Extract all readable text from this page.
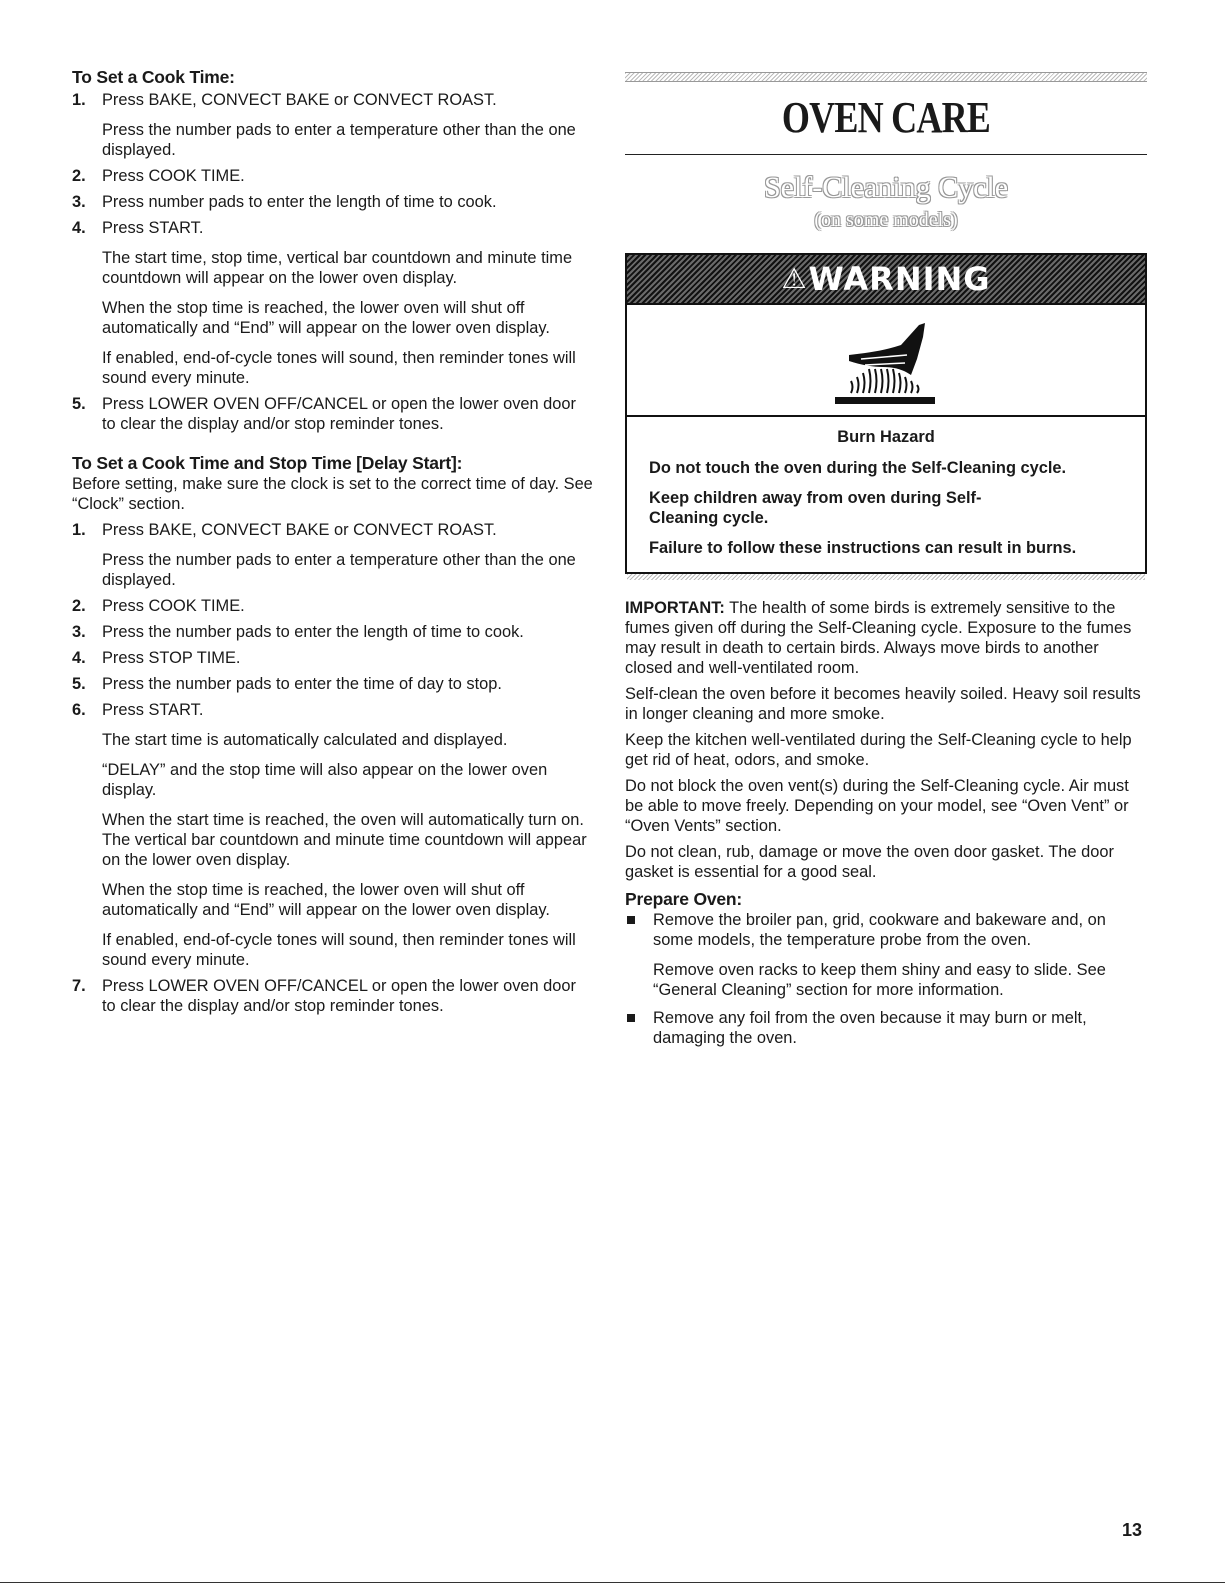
To Set a Cook Time:
1. Press BAKE, CONVECT BAKE or CONVECT ROAST.

Press the number pads to enter a temperature other than the one displayed.

2. Press COOK TIME.

3. Press number pads to enter the length of time to cook.

4. Press START.

The start time, stop time, vertical bar countdown and minute time countdown will appear on the lower oven display.

When the stop time is reached, the lower oven will shut off automatically and “End” will appear on the lower oven display.

If enabled, end-of-cycle tones will sound, then reminder tones will sound every minute.

5. Press LOWER OVEN OFF/CANCEL or open the lower oven door to clear the display and/or stop reminder tones.

To Set a Cook Time and Stop Time [Delay Start]:

Before setting, make sure the clock is set to the correct time of day. See “Clock” section.

1. Press BAKE, CONVECT BAKE or CONVECT ROAST.

Press the number pads to enter a temperature other than the one displayed.

2. Press COOK TIME.

3. Press the number pads to enter the length of time to cook.

4. Press STOP TIME.

5. Press the number pads to enter the time of day to stop.

6. Press START.

The start time is automatically calculated and displayed.

“DELAY” and the stop time will also appear on the lower oven display.

When the start time is reached, the oven will automatically turn on. The vertical bar countdown and minute time countdown will appear on the lower oven display.

When the stop time is reached, the lower oven will shut off automatically and “End” will appear on the lower oven display.

If enabled, end-of-cycle tones will sound, then reminder tones will sound every minute.

7. Press LOWER OVEN OFF/CANCEL or open the lower oven door to clear the display and/or stop reminder tones.

OVEN CARE
Self-Cleaning Cycle
(on some models)
⚠ WARNING

Burn Hazard

Do not touch the oven during the Self-Cleaning cycle.

Keep children away from oven during Self-Cleaning cycle.

Failure to follow these instructions can result in burns.

IMPORTANT: The health of some birds is extremely sensitive to the fumes given off during the Self-Cleaning cycle. Exposure to the fumes may result in death to certain birds. Always move birds to another closed and well-ventilated room.

Self-clean the oven before it becomes heavily soiled. Heavy soil results in longer cleaning and more smoke.

Keep the kitchen well-ventilated during the Self-Cleaning cycle to help get rid of heat, odors, and smoke.

Do not block the oven vent(s) during the Self-Cleaning cycle. Air must be able to move freely. Depending on your model, see “Oven Vent” or “Oven Vents” section.

Do not clean, rub, damage or move the oven door gasket. The door gasket is essential for a good seal.

Prepare Oven:

Remove the broiler pan, grid, cookware and bakeware and, on some models, the temperature probe from the oven.

Remove oven racks to keep them shiny and easy to slide. See “General Cleaning” section for more information.

Remove any foil from the oven because it may burn or melt, damaging the oven.

13
